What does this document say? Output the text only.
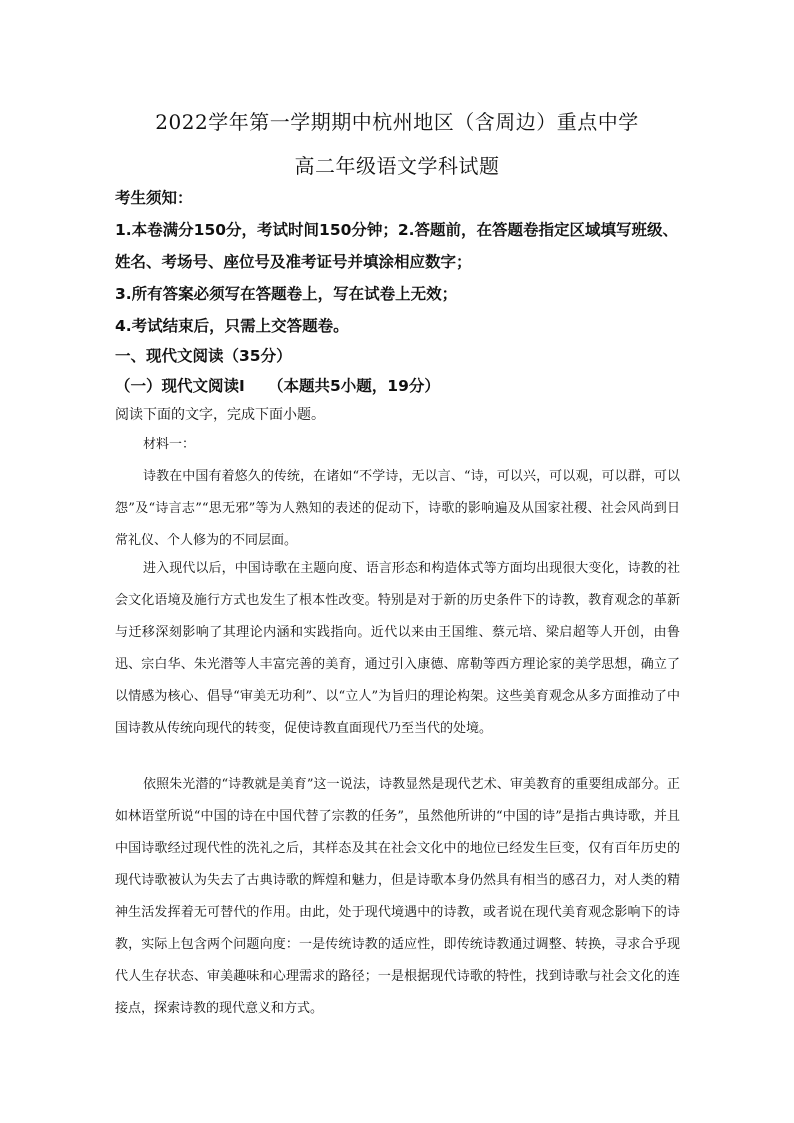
2022学年第一学期期中杭州地区（含周边）重点中学
高二年级语文学科试题
考生须知：
1.本卷满分150分，考试时间150分钟；2.答题前，在答题卷指定区域填写班级、
姓名、考场号、座位号及准考证号并填涂相应数字；
3.所有答案必须写在答题卷上，写在试卷上无效；
4.考试结束后，只需上交答题卷。
一、现代文阅读（35分）
（一）现代文阅读Ⅰ　　（本题共5小题，19分）
阅读下面的文字，完成下面小题。
材料一：
诗教在中国有着悠久的传统，在诸如“不学诗，无以言、“诗，可以兴，可以观，可以群，可以怨”及“诗言志”“思无邪”等为人熟知的表述的促动下，诗歌的影响遍及从国家社稷、社会风尚到日常礼仪、个人修为的不同层面。
进入现代以后，中国诗歌在主题向度、语言形态和构造体式等方面均出现很大变化，诗教的社会文化语境及施行方式也发生了根本性改变。特别是对于新的历史条件下的诗教，教育观念的革新与迁移深刻影响了其理论内涵和实践指向。近代以来由王国维、蔡元培、梁启超等人开创，由鲁迅、宗白华、朱光潜等人丰富完善的美育，通过引入康德、席勒等西方理论家的美学思想，确立了以情感为核心、倡导“审美无功利”、以“立人”为旨归的理论构架。这些美育观念从多方面推动了中国诗教从传统向现代的转变，促使诗教直面现代乃至当代的处境。
依照朱光潜的“诗教就是美育”这一说法，诗教显然是现代艺术、审美教育的重要组成部分。正如林语堂所说“中国的诗在中国代替了宗教的任务”，虽然他所讲的“中国的诗”是指古典诗歌，并且中国诗歌经过现代性的洗礼之后，其样态及其在社会文化中的地位已经发生巨变，仅有百年历史的现代诗歌被认为失去了古典诗歌的辉煌和魅力，但是诗歌本身仍然具有相当的感召力，对人类的精神生活发挥着无可替代的作用。由此，处于现代境遇中的诗教，或者说在现代美育观念影响下的诗教，实际上包含两个问题向度：一是传统诗教的适应性，即传统诗教通过调整、转换，寻求合乎现代人生存状态、审美趣味和心理需求的路径；一是根据现代诗歌的特性，找到诗歌与社会文化的连接点，探索诗教的现代意义和方式。
